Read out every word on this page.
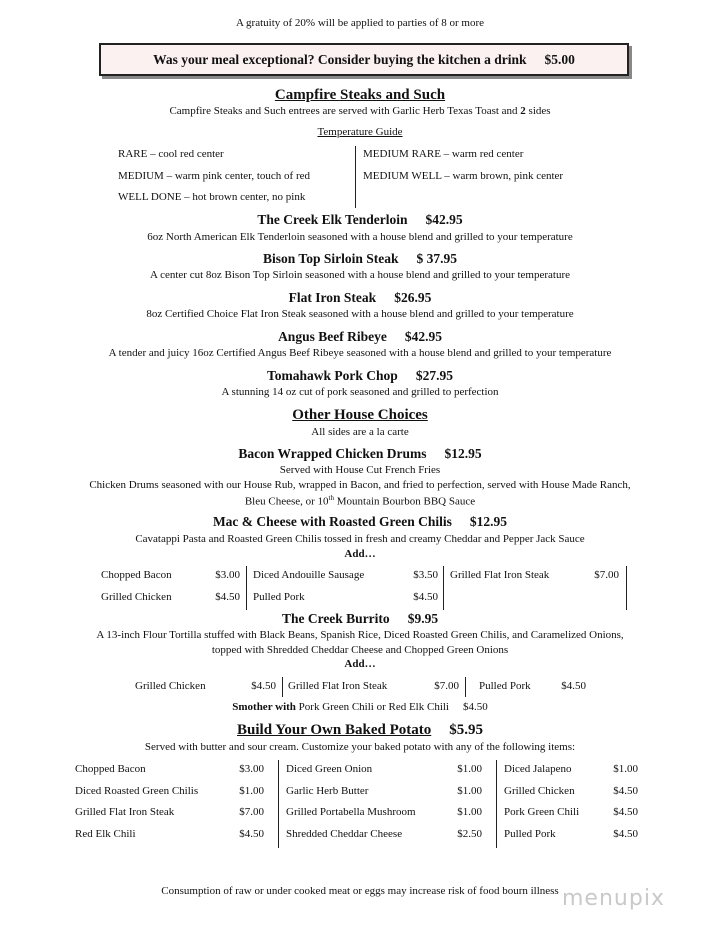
A gratuity of 20% will be applied to parties of 8 or more
Was your meal exceptional? Consider buying the kitchen a drink $5.00
Campfire Steaks and Such
Campfire Steaks and Such entrees are served with Garlic Herb Texas Toast and 2 sides
Temperature Guide
RARE – cool red center
MEDIUM – warm pink center, touch of red
WELL DONE – hot brown center, no pink
MEDIUM RARE – warm red center
MEDIUM WELL – warm brown, pink center
The Creek Elk Tenderloin $42.95
6oz North American Elk Tenderloin seasoned with a house blend and grilled to your temperature
Bison Top Sirloin Steak $ 37.95
A center cut 8oz Bison Top Sirloin seasoned with a house blend and grilled to your temperature
Flat Iron Steak $26.95
8oz Certified Choice Flat Iron Steak seasoned with a house blend and grilled to your temperature
Angus Beef Ribeye $42.95
A tender and juicy 16oz Certified Angus Beef Ribeye seasoned with a house blend and grilled to your temperature
Tomahawk Pork Chop $27.95
A stunning 14 oz cut of pork seasoned and grilled to perfection
Other House Choices
All sides are a la carte
Bacon Wrapped Chicken Drums $12.95
Served with House Cut French Fries
Chicken Drums seasoned with our House Rub, wrapped in Bacon, and fried to perfection, served with House Made Ranch,
Bleu Cheese, or 10th Mountain Bourbon BBQ Sauce
Mac & Cheese with Roasted Green Chilis $12.95
Cavatappi Pasta and Roasted Green Chilis tossed in fresh and creamy Cheddar and Pepper Jack Sauce
Add…
Chopped Bacon	$3.00
Grilled Chicken	$4.50
Diced Andouille Sausage	$3.50
Pulled Pork	$4.50
Grilled Flat Iron Steak	$7.00
The Creek Burrito $9.95
A 13-inch Flour Tortilla stuffed with Black Beans, Spanish Rice, Diced Roasted Green Chilis, and Caramelized Onions,
topped with Shredded Cheddar Cheese and Chopped Green Onions
Add…
Grilled Chicken	$4.50 Grilled Flat Iron Steak	$7.00 Pulled Pork	$4.50
Smother with Pork Green Chili or Red Elk Chili $4.50
Build Your Own Baked Potato $5.95
Served with butter and sour cream. Customize your baked potato with any of the following items:
Chopped Bacon	$3.00
Diced Roasted Green Chilis	$1.00
Grilled Flat Iron Steak	$7.00
Red Elk Chili	$4.50
Diced Green Onion	$1.00
Garlic Herb Butter	$1.00
Grilled Portabella Mushroom	$1.00
Shredded Cheddar Cheese	$2.50
Diced Jalapeno	$1.00
Grilled Chicken	$4.50
Pork Green Chili	$4.50
Pulled Pork	$4.50
Consumption of raw or under cooked meat or eggs may increase risk of food bourn illness menupix
